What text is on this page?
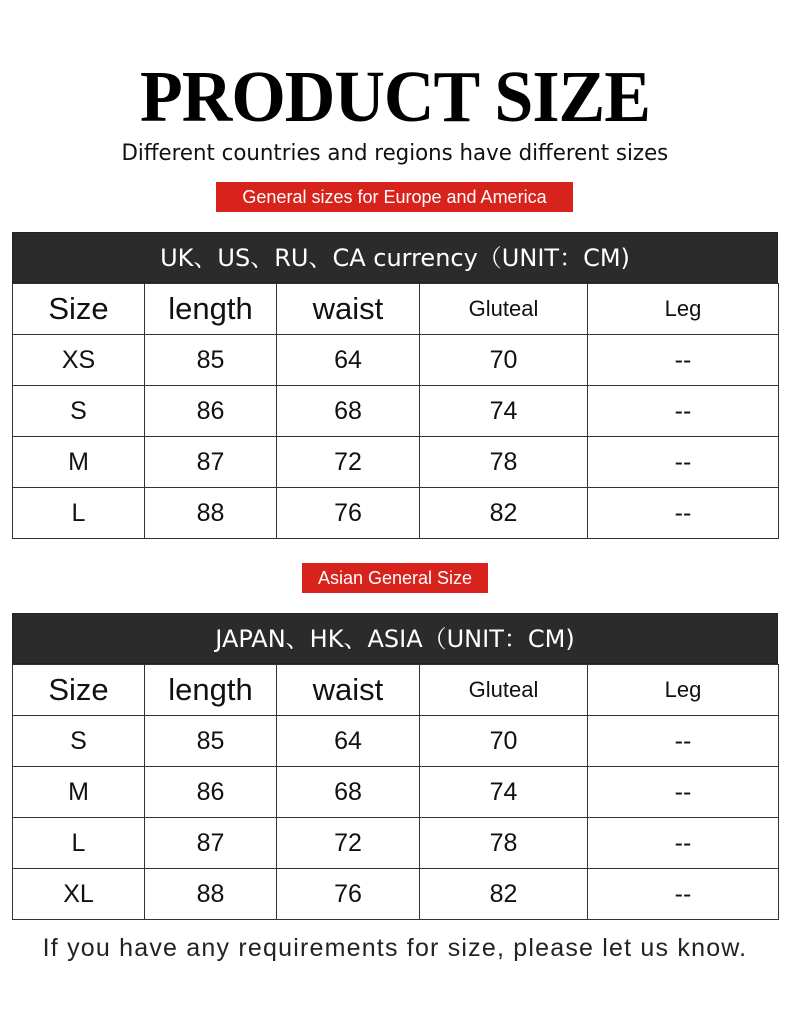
PRODUCT SIZE
Different countries and regions have different sizes
General sizes for Europe and America
UK、US、RU、CA currency（UNIT：CM)
Size	length	waist	Gluteal	Leg
XS	85	64	70	--
S	86	68	74	--
M	87	72	78	--
L	88	76	82	--
Asian General Size
JAPAN、HK、ASIA（UNIT：CM)
Size	length	waist	Gluteal	Leg
S	85	64	70	--
M	86	68	74	--
L	87	72	78	--
XL	88	76	82	--
If you have any requirements for size, please let us know.
